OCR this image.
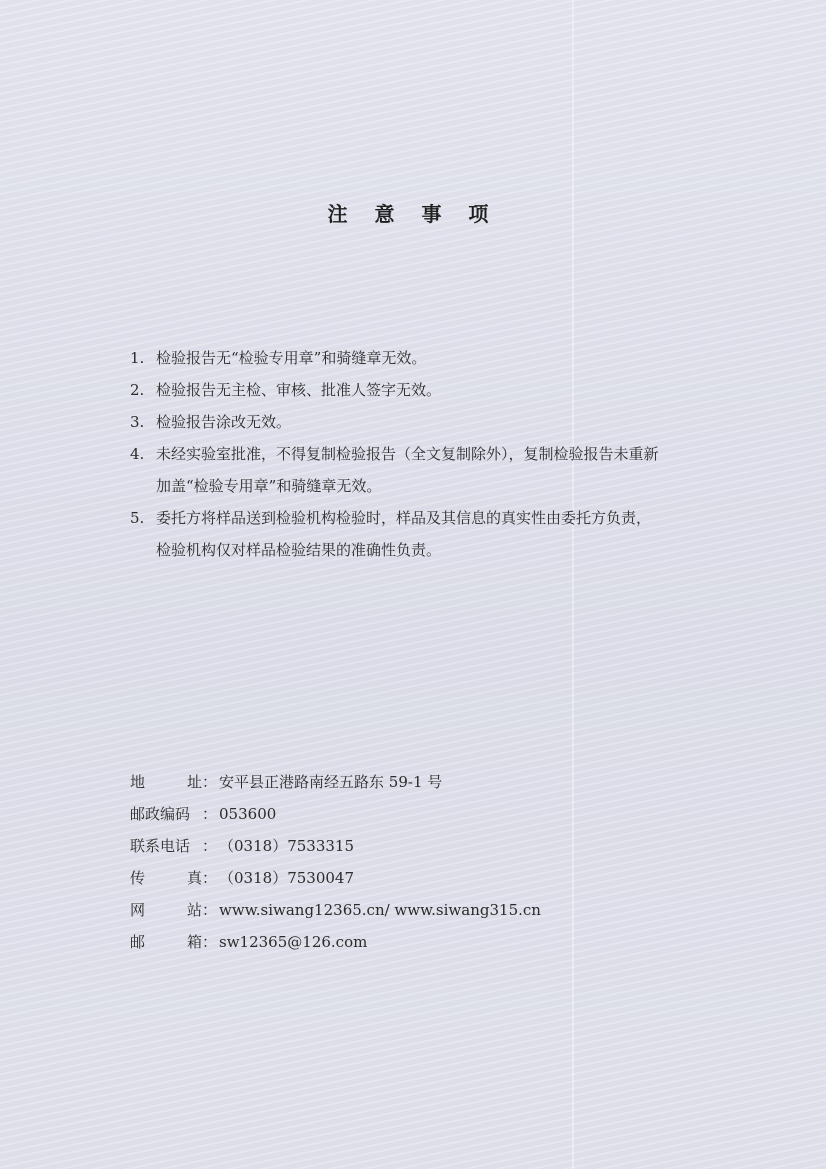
注 意 事 项
1. 检验报告无“检验专用章”和骑缝章无效。
2. 检验报告无主检、审核、批准人签字无效。
3. 检验报告涂改无效。
4. 未经实验室批准，不得复制检验报告（全文复制除外），复制检验报告未重新
加盖“检验专用章”和骑缝章无效。
5. 委托方将样品送到检验机构检验时，样品及其信息的真实性由委托方负责，
检验机构仅对样品检验结果的准确性负责。
地	址 ： 安平县正港路南经五路东 59-1 号
邮政编码 ： 053600
联系电话 ： （0318）7533315
传	真 ： （0318）7530047
网	站 ： www.siwang12365.cn/ www.siwang315.cn
邮	箱 ： sw12365@126.com
